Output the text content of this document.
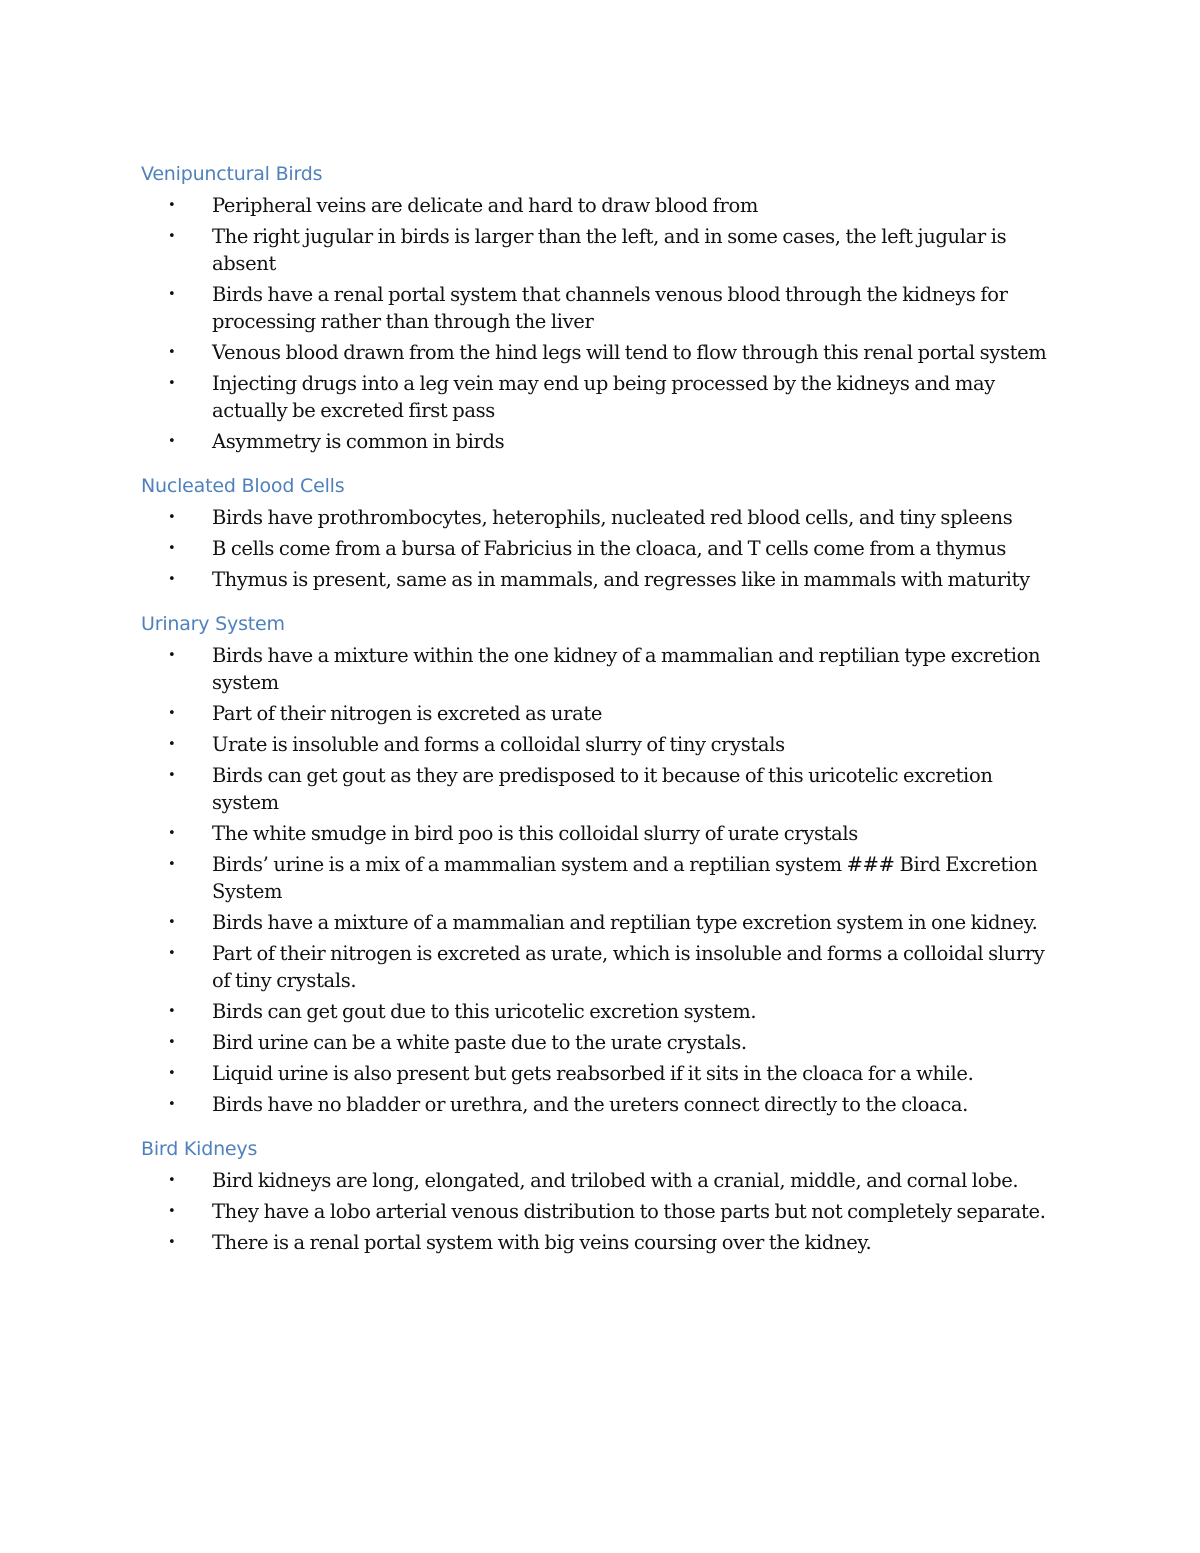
Venipunctural Birds
• Peripheral veins are delicate and hard to draw blood from
• The right jugular in birds is larger than the left, and in some cases, the left jugular is absent
• Birds have a renal portal system that channels venous blood through the kidneys for processing rather than through the liver
• Venous blood drawn from the hind legs will tend to flow through this renal portal system
• Injecting drugs into a leg vein may end up being processed by the kidneys and may actually be excreted first pass
• Asymmetry is common in birds
Nucleated Blood Cells
• Birds have prothrombocytes, heterophils, nucleated red blood cells, and tiny spleens
• B cells come from a bursa of Fabricius in the cloaca, and T cells come from a thymus
• Thymus is present, same as in mammals, and regresses like in mammals with maturity
Urinary System
• Birds have a mixture within the one kidney of a mammalian and reptilian type excretion system
• Part of their nitrogen is excreted as urate
• Urate is insoluble and forms a colloidal slurry of tiny crystals
• Birds can get gout as they are predisposed to it because of this uricotelic excretion system
• The white smudge in bird poo is this colloidal slurry of urate crystals
• Birds’ urine is a mix of a mammalian system and a reptilian system ### Bird Excretion System
• Birds have a mixture of a mammalian and reptilian type excretion system in one kidney.
• Part of their nitrogen is excreted as urate, which is insoluble and forms a colloidal slurry of tiny crystals.
• Birds can get gout due to this uricotelic excretion system.
• Bird urine can be a white paste due to the urate crystals.
• Liquid urine is also present but gets reabsorbed if it sits in the cloaca for a while.
• Birds have no bladder or urethra, and the ureters connect directly to the cloaca.
Bird Kidneys
• Bird kidneys are long, elongated, and trilobed with a cranial, middle, and cornal lobe.
• They have a lobo arterial venous distribution to those parts but not completely separate.
• There is a renal portal system with big veins coursing over the kidney.
